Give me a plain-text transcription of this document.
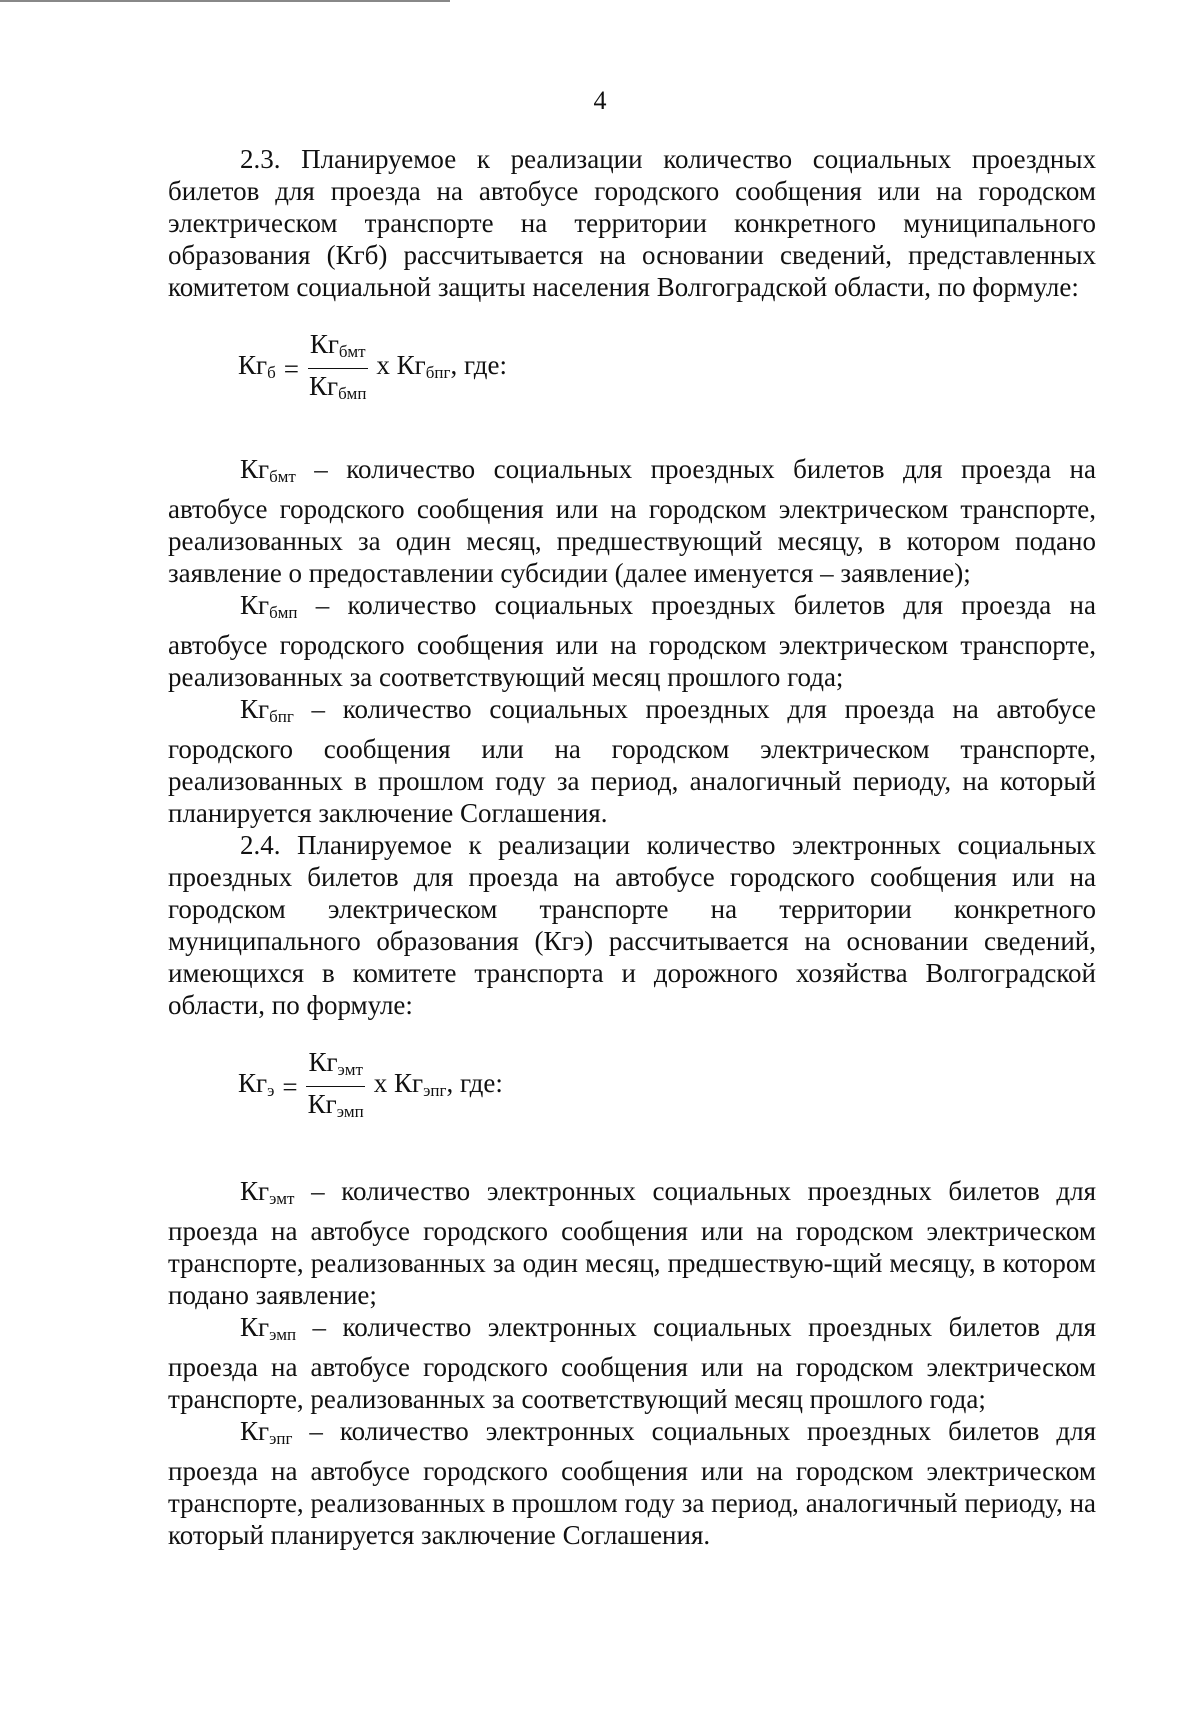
4

2.3. Планируемое к реализации количество социальных проездных билетов для проезда на автобусе городского сообщения или на городском электрическом транспорте на территории конкретного муниципального образования (Кгб) рассчитывается на основании сведений, представленных комитетом социальной защиты населения Волгоградской области, по формуле:

$Кг_б = \frac{Кг_{бмт}}{Кг_{бмп}}$ х $Кг_{бпг}$, где:

$Кг_{бмт}$ – количество социальных проездных билетов для проезда на автобусе городского сообщения или на городском электрическом транспорте, реализованных за один месяц, предшествующий месяцу, в котором подано заявление о предоставлении субсидии (далее именуется – заявление);

$Кг_{бмп}$ – количество социальных проездных билетов для проезда на автобусе городского сообщения или на городском электрическом транспорте, реализованных за соответствующий месяц прошлого года;

$Кг_{бпг}$ – количество социальных проездных для проезда на автобусе городского сообщения или на городском электрическом транспорте, реализованных в прошлом году за период, аналогичный периоду, на который планируется заключение Соглашения.

2.4. Планируемое к реализации количество электронных социальных проездных билетов для проезда на автобусе городского сообщения или на городском электрическом транспорте на территории конкретного муниципального образования (Кгэ) рассчитывается на основании сведений, имеющихся в комитете транспорта и дорожного хозяйства Волгоградской области, по формуле:

$Кг_э = \frac{Кг_{эмт}}{Кг_{эмп}}$ х $Кг_{эпг}$, где:

$Кг_{эмт}$ – количество электронных социальных проездных билетов для проезда на автобусе городского сообщения или на городском электрическом транспорте, реализованных за один месяц, предшествую-щий месяцу, в котором подано заявление;

$Кг_{эмп}$ – количество электронных социальных проездных билетов для проезда на автобусе городского сообщения или на городском электрическом транспорте, реализованных за соответствующий месяц прошлого года;

$Кг_{эпг}$ – количество электронных социальных проездных билетов для проезда на автобусе городского сообщения или на городском электрическом транспорте, реализованных в прошлом году за период, аналогичный периоду, на который планируется заключение Соглашения.
